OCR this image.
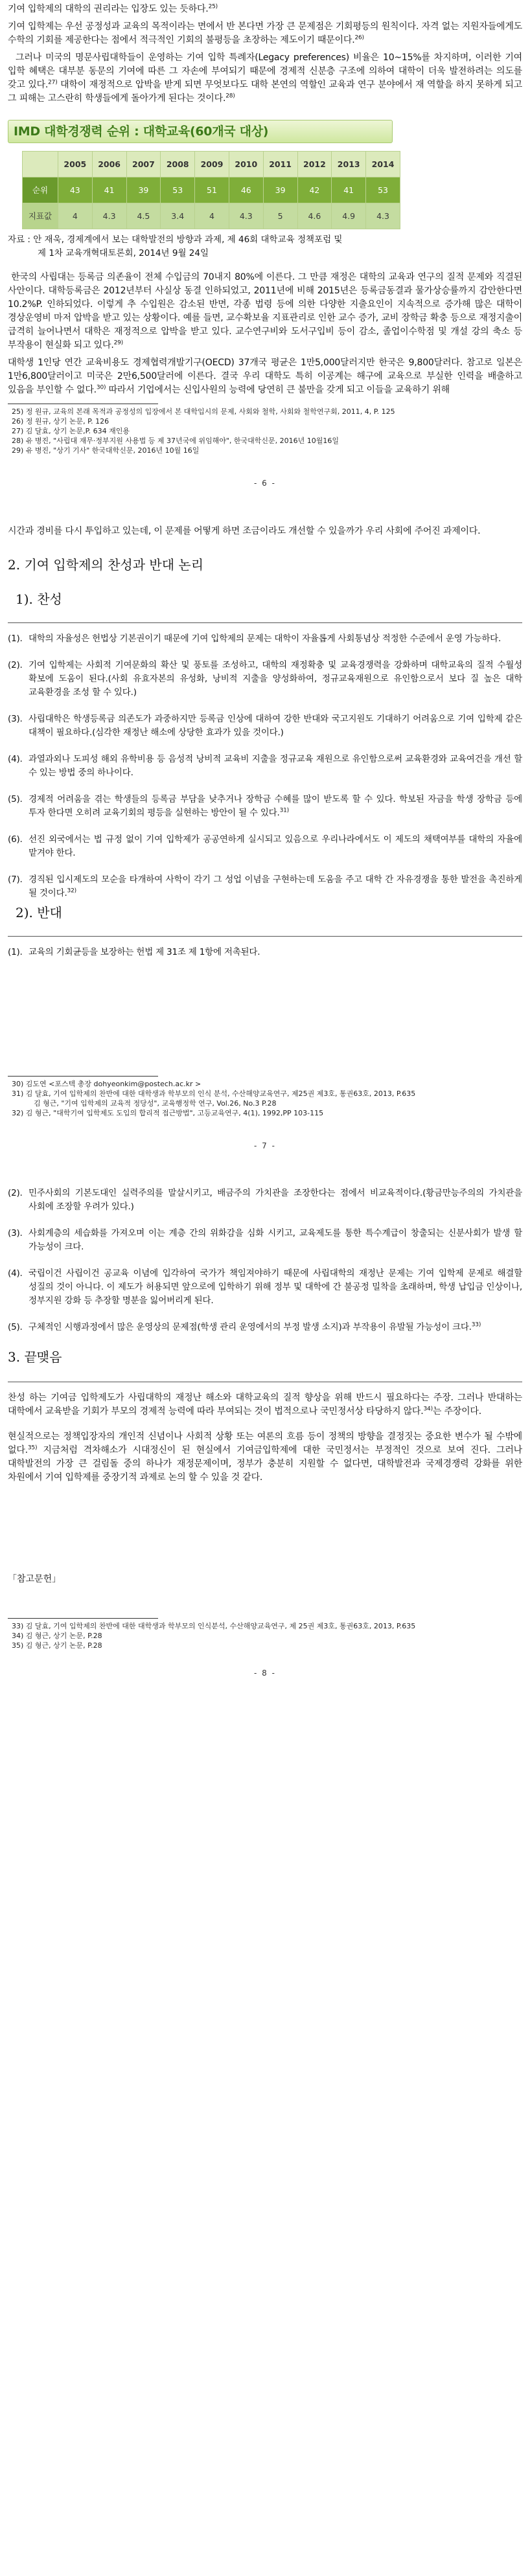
기여 입학제의 대학의 권리라는 입장도 있는 듯하다.$^{25)}$

기여 입학제는 우선 공정성과 교육의 목적이라는 면에서 반 본다면 가장 큰 문제점은 기회평등의 원칙이다. 자격 없는 지원자들에게도 수학의 기회를 제공한다는 점에서 적극적인 기회의 불평등을 초장하는 제도이기 때문이다.$^{26)}$

그러나 미국의 명문사립대학들이 운영하는 기여 입학 특례자(Legacy preferences) 비율은 10~15%를 차지하며, 이러한 기여 입학 혜택은 대부분 동문의 기여에 따른 그 자손에 부여되기 때문에 경제적 신분층 구조에 의하여 대학이 더욱 발전하려는 의도를 갖고 있다.$^{27)}$ 대학이 재정적으로 압박을 받게 되면 무엇보다도 대학 본연의 역할인 교육과 연구 분야에서 재 역할을 하지 못하게 되고 그 피해는 고스란히 학생들에게 돌아가게 된다는 것이다.$^{28)}$

IMD 대학경쟁력 순위 : 대학교육(60개국 대상)
	2005	2006	2007	2008	2009	2010	2011	2012	2013	2014
순위	43	41	39	53	51	46	39	42	41	53
지표값	4	4.3	4.5	3.4	4	4.3	5	4.6	4.9	4.3
자료 : 안 재욱, 경제계에서 보는 대학발전의 방향과 과제, 제 46회 대학교육 정책포럼 및
제 1차 교육개혁대토론회, 2014년 9월 24일

한국의 사립대는 등록금 의존율이 전체 수입금의 70내지 80%에 이른다. 그 만큼 재정은 대학의 교육과 연구의 질적 문제와 직결된 사안이다. 대학등록금은 2012년부터 사실상 동결 인하되었고, 2011년에 비해 2015년은 등록금동결과 물가상승률까지 감안한다면 10.2%P. 인하되었다. 이렇게 추 수입원은 감소된 반면, 각종 법령 등에 의한 다양한 지출요인이 지속적으로 증가해 많은 대학이 경상운영비 마저 압박을 받고 있는 상황이다. 예를 들면, 교수확보율 지표관리로 인한 교수 증가, 교비 장학금 확충 등으로 재정지출이 급격히 늘어나면서 대학은 재정적으로 압박을 받고 있다. 교수연구비와 도서구입비 등이 감소, 졸업이수학점 및 개설 강의 축소 등 부작용이 현실화 되고 있다.$^{29)}$

대학생 1인당 연간 교육비용도 경제협력개발기구(OECD) 37개국 평균은 1만5,000달러지만 한국은 9,800달러다. 참고로 일본은 1만6,800달러이고 미국은 2만6,500달러에 이른다. 결국 우리 대학도 특히 이공계는 해구에 교육으로 부실한 인력을 배출하고 있음을 부인할 수 없다.$^{30)}$ 따라서 기업에서는 신입사원의 능력에 당연히 큰 불만을 갖게 되고 이들을 교육하기 위해

25) 정 원규, 교육의 본래 목적과 공정성의 입장에서 본 대학입시의 문제, 사회와 철학, 사회와 철학연구회, 2011, 4, P. 125

26) 정 원규, 상기 논문, P. 126

27) 김 달효, 상기 논문,P. 634 재인용

28) 유 병진, "사립대 재무·정부지원 사용법 등 제 37년국에 위임해야", 한국대학신문, 2016년 10월16일

29) 유 병진, "상기 기사" 한국대학신문, 2016년 10월 16일

- 6 -

시간과 경비를 다시 투입하고 있는데, 이 문제를 어떻게 하면 조금이라도 개선할 수 있을까가 우리 사회에 주어진 과제이다.

2. 기여 입학제의 찬성과 반대 논리
1). 찬성

(1). 대학의 자율성은 헌법상 기본권이기 때문에 기여 입학제의 문제는 대학이 자율롭게 사회통념상 적정한 수준에서 운영 가능하다.

(2). 기여 입학제는 사회적 기여문화의 확산 및 풍토를 조성하고, 대학의 재정확충 및 교육경쟁력을 강화하며 대학교육의 질적 수월성 확보에 도움이 된다.(사회 유효자본의 유성화, 낭비적 지출을 양성화하여, 정규교육재원으로 유인함으로서 보다 질 높은 대학 교육환경을 조성 할 수 있다.)

(3). 사립대학은 학생등록금 의존도가 과중하지만 등록금 인상에 대하여 강한 반대와 국고지원도 기대하기 어려움으로 기여 입학제 같은 대책이 필요하다.(심각한 재정난 해소에 상당한 효과가 있을 것이다.)

(4). 과열과외나 도피성 해외 유학비용 등 음성적 낭비적 교육비 지출을 정규교육 재원으로 유인함으로써 교육환경와 교육여건을 개선 할 수 있는 방법 중의 하나이다.

(5). 경제적 어려움을 겪는 학생들의 등록금 부담을 낮추거나 장학금 수혜를 많이 받도록 할 수 있다. 학보된 자금을 학생 장학금 등에 투자 한다면 오히려 교육기회의 평등을 실현하는 방안이 될 수 있다.$^{31)}$

(6). 선진 외국에서는 법 규정 없이 기여 입학제가 공공연하게 실시되고 있음으로 우리나라에서도 이 제도의 채택여부를 대학의 자율에 맡겨야 한다.

(7). 경직된 입시제도의 모순을 타개하여 사학이 각기 그 성업 이념을 구현하는데 도움을 주고 대학 간 자유경쟁을 통한 발전을 촉진하게 될 것이다.$^{32)}$

2). 반대

(1). 교육의 기회균등을 보장하는 헌법 제 31조 제 1항에 저촉된다.

30) 김도연 <포스텍 총장 dohyeonkim@postech.ac.kr >

31) 김 달효, 기여 입학제의 찬반에 대한 대학생과 학부모의 인식 분석, 수산해양교육연구, 제25권 제3호, 통권63호, 2013, P.635

김 형근, "기여 입학제의 교육적 정당성", 교육행정학 연구, Vol.26, No.3 P.28

32) 김 형근, "대학기여 입학제도 도입의 합리적 접근방법", 고등교육연구, 4(1), 1992,PP 103-115

- 7 -

(2). 민주사회의 기본도대인 실력주의를 말살시키고, 배금주의 가치관을 조장한다는 점에서 비교육적이다.(황금만능주의의 가치관을 사회에 조장할 우려가 있다.)

(3). 사회계층의 세습화를 가져오며 이는 계층 간의 위화감을 심화 시키고, 교육제도를 통한 특수계급이 창출되는 신분사회가 발생 할 가능성이 크다.

(4). 국립이건 사립이건 공교육 이념에 입각하여 국가가 책임져야하기 때문에 사립대학의 재정난 문제는 기여 입학제 문제로 해결할 성질의 것이 아니다. 이 제도가 허용되면 앞으로에 입학하기 위해 정부 및 대학에 간 불공정 밀착을 초래하며, 학생 납입금 인상이나, 정부지원 강화 등 추장할 명분을 잃어버리게 된다.

(5). 구체적인 시행과정에서 많은 운영상의 문제점(학생 관리 운영에서의 부정 발생 소지)과 부작용이 유발될 가능성이 크다.$^{33)}$

3. 끝맺음

찬성 하는 기여금 입학제도가 사립대학의 재정난 해소와 대학교육의 질적 향상을 위해 반드시 필요하다는 주장. 그러나 반대하는 대학에서 교육받을 기회가 부모의 경제적 능력에 따라 부여되는 것이 법적으로나 국민정서상 타당하지 않다.$^{34)}$는 주장이다.

현실적으로는 정책입장자의 개인적 신념이나 사회적 상황 또는 여론의 흐름 등이 정책의 방향을 결정짓는 중요한 변수가 될 수밖에 없다.$^{35)}$ 지금처럼 격차해소가 시대정신이 된 현실에서 기여금입학제에 대한 국민정서는 부정적인 것으로 보여 진다. 그러나 대학발전의 가장 큰 걸림돌 중의 하나가 재정문제이며, 정부가 충분히 지원할 수 없다면, 대학발전과 국제경쟁력 강화를 위한 차원에서 기여 입학제를 중장기적 과제로 논의 할 수 있을 것 같다.

「참고문헌」

33) 김 달효, 기여 입학제의 찬반에 대한 대학생과 학부모의 인식분석, 수산해양교육연구, 제 25권 제3호, 통권63호, 2013, P.635

34) 김 형근, 상기 논문, P.28

35) 김 형근, 상기 논문, P.28

- 8 -
